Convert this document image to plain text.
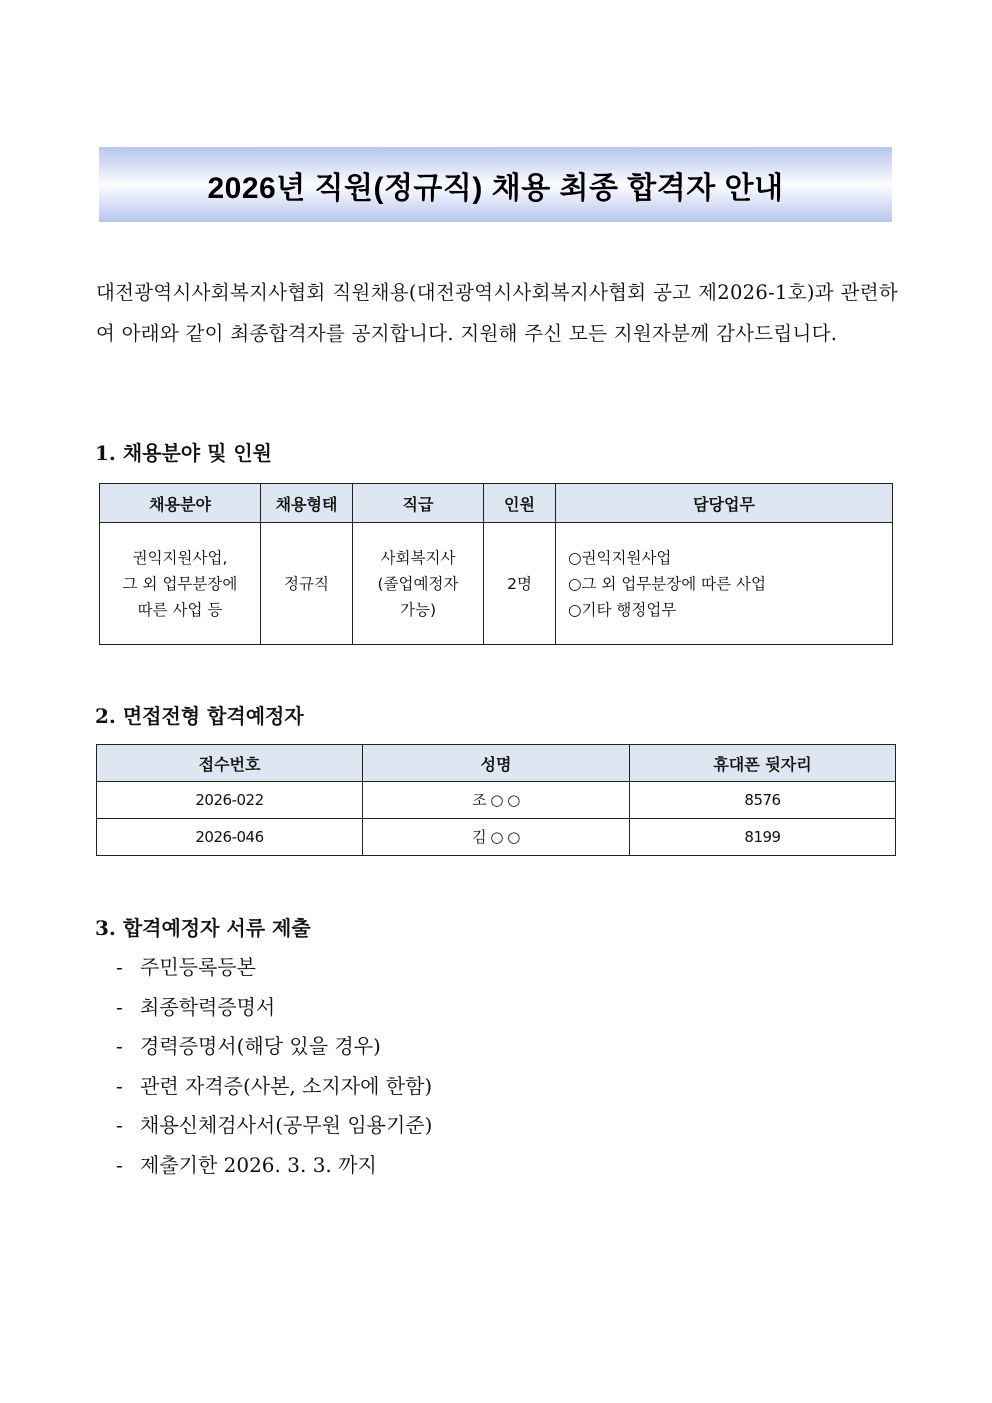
2026년 직원(정규직) 채용 최종 합격자 안내
대전광역시사회복지사협회 직원채용(대전광역시사회복지사협회 공고 제2026-1호)과 관련하여 아래와 같이 최종합격자를 공지합니다. 지원해 주신 모든 지원자분께 감사드립니다.
1. 채용분야 및 인원
채용분야	채용형태	직급	인원	담당업무

권익지원사업,
그 외 업무분장에
따른 사업 등	정규직	사회복지사
(졸업예정자
가능)	2명	○권익지원사업
○그 외 업무분장에 따른 사업
○기타 행정업무
2. 면접전형 합격예정자
접수번호	성명	휴대폰 뒷자리
2026-022	조 ○ ○	8576
2026-046	김 ○ ○	8199
3. 합격예정자 서류 제출
- 주민등록등본
- 최종학력증명서
- 경력증명서(해당 있을 경우)
- 관련 자격증(사본, 소지자에 한함)
- 채용신체검사서(공무원 임용기준)
- 제출기한 2026. 3. 3. 까지
